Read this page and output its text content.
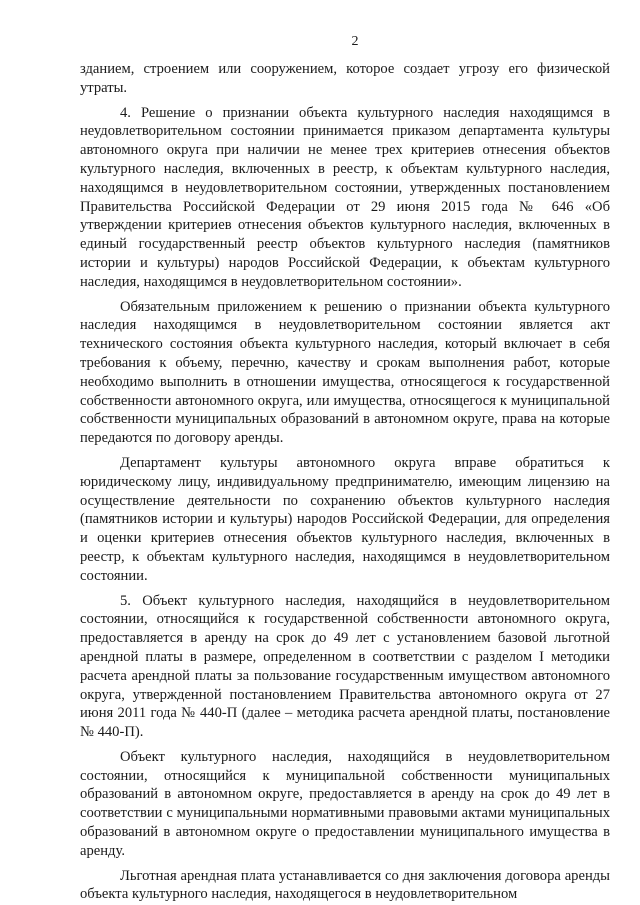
2

зданием, строением или сооружением, которое создает угрозу его физической утраты.

4. Решение о признании объекта культурного наследия находящимся в неудовлетворительном состоянии принимается приказом департамента культуры автономного округа при наличии не менее трех критериев отнесения объектов культурного наследия, включенных в реестр, к объектам культурного наследия, находящимся в неудовлетворительном состоянии, утвержденных постановлением Правительства Российской Федерации от 29 июня 2015 года № 646 «Об утверждении критериев отнесения объектов культурного наследия, включенных в единый государственный реестр объектов культурного наследия (памятников истории и культуры) народов Российской Федерации, к объектам культурного наследия, находящимся в неудовлетворительном состоянии».

Обязательным приложением к решению о признании объекта культурного наследия находящимся в неудовлетворительном состоянии является акт технического состояния объекта культурного наследия, который включает в себя требования к объему, перечню, качеству и срокам выполнения работ, которые необходимо выполнить в отношении имущества, относящегося к государственной собственности автономного округа, или имущества, относящегося к муниципальной собственности муниципальных образований в автономном округе, права на которые передаются по договору аренды.

Департамент культуры автономного округа вправе обратиться к юридическому лицу, индивидуальному предпринимателю, имеющим лицензию на осуществление деятельности по сохранению объектов культурного наследия (памятников истории и культуры) народов Российской Федерации, для определения и оценки критериев отнесения объектов культурного наследия, включенных в реестр, к объектам культурного наследия, находящимся в неудовлетворительном состоянии.

5. Объект культурного наследия, находящийся в неудовлетворительном состоянии, относящийся к государственной собственности автономного округа, предоставляется в аренду на срок до 49 лет с установлением базовой льготной арендной платы в размере, определенном в соответствии с разделом I методики расчета арендной платы за пользование государственным имуществом автономного округа, утвержденной постановлением Правительства автономного округа от 27 июня 2011 года № 440-П (далее – методика расчета арендной платы, постановление № 440-П).

Объект культурного наследия, находящийся в неудовлетворительном состоянии, относящийся к муниципальной собственности муниципальных образований в автономном округе, предоставляется в аренду на срок до 49 лет в соответствии с муниципальными нормативными правовыми актами муниципальных образований в автономном округе о предоставлении муниципального имущества в аренду.

Льготная арендная плата устанавливается со дня заключения договора аренды объекта культурного наследия, находящегося в неудовлетворительном
